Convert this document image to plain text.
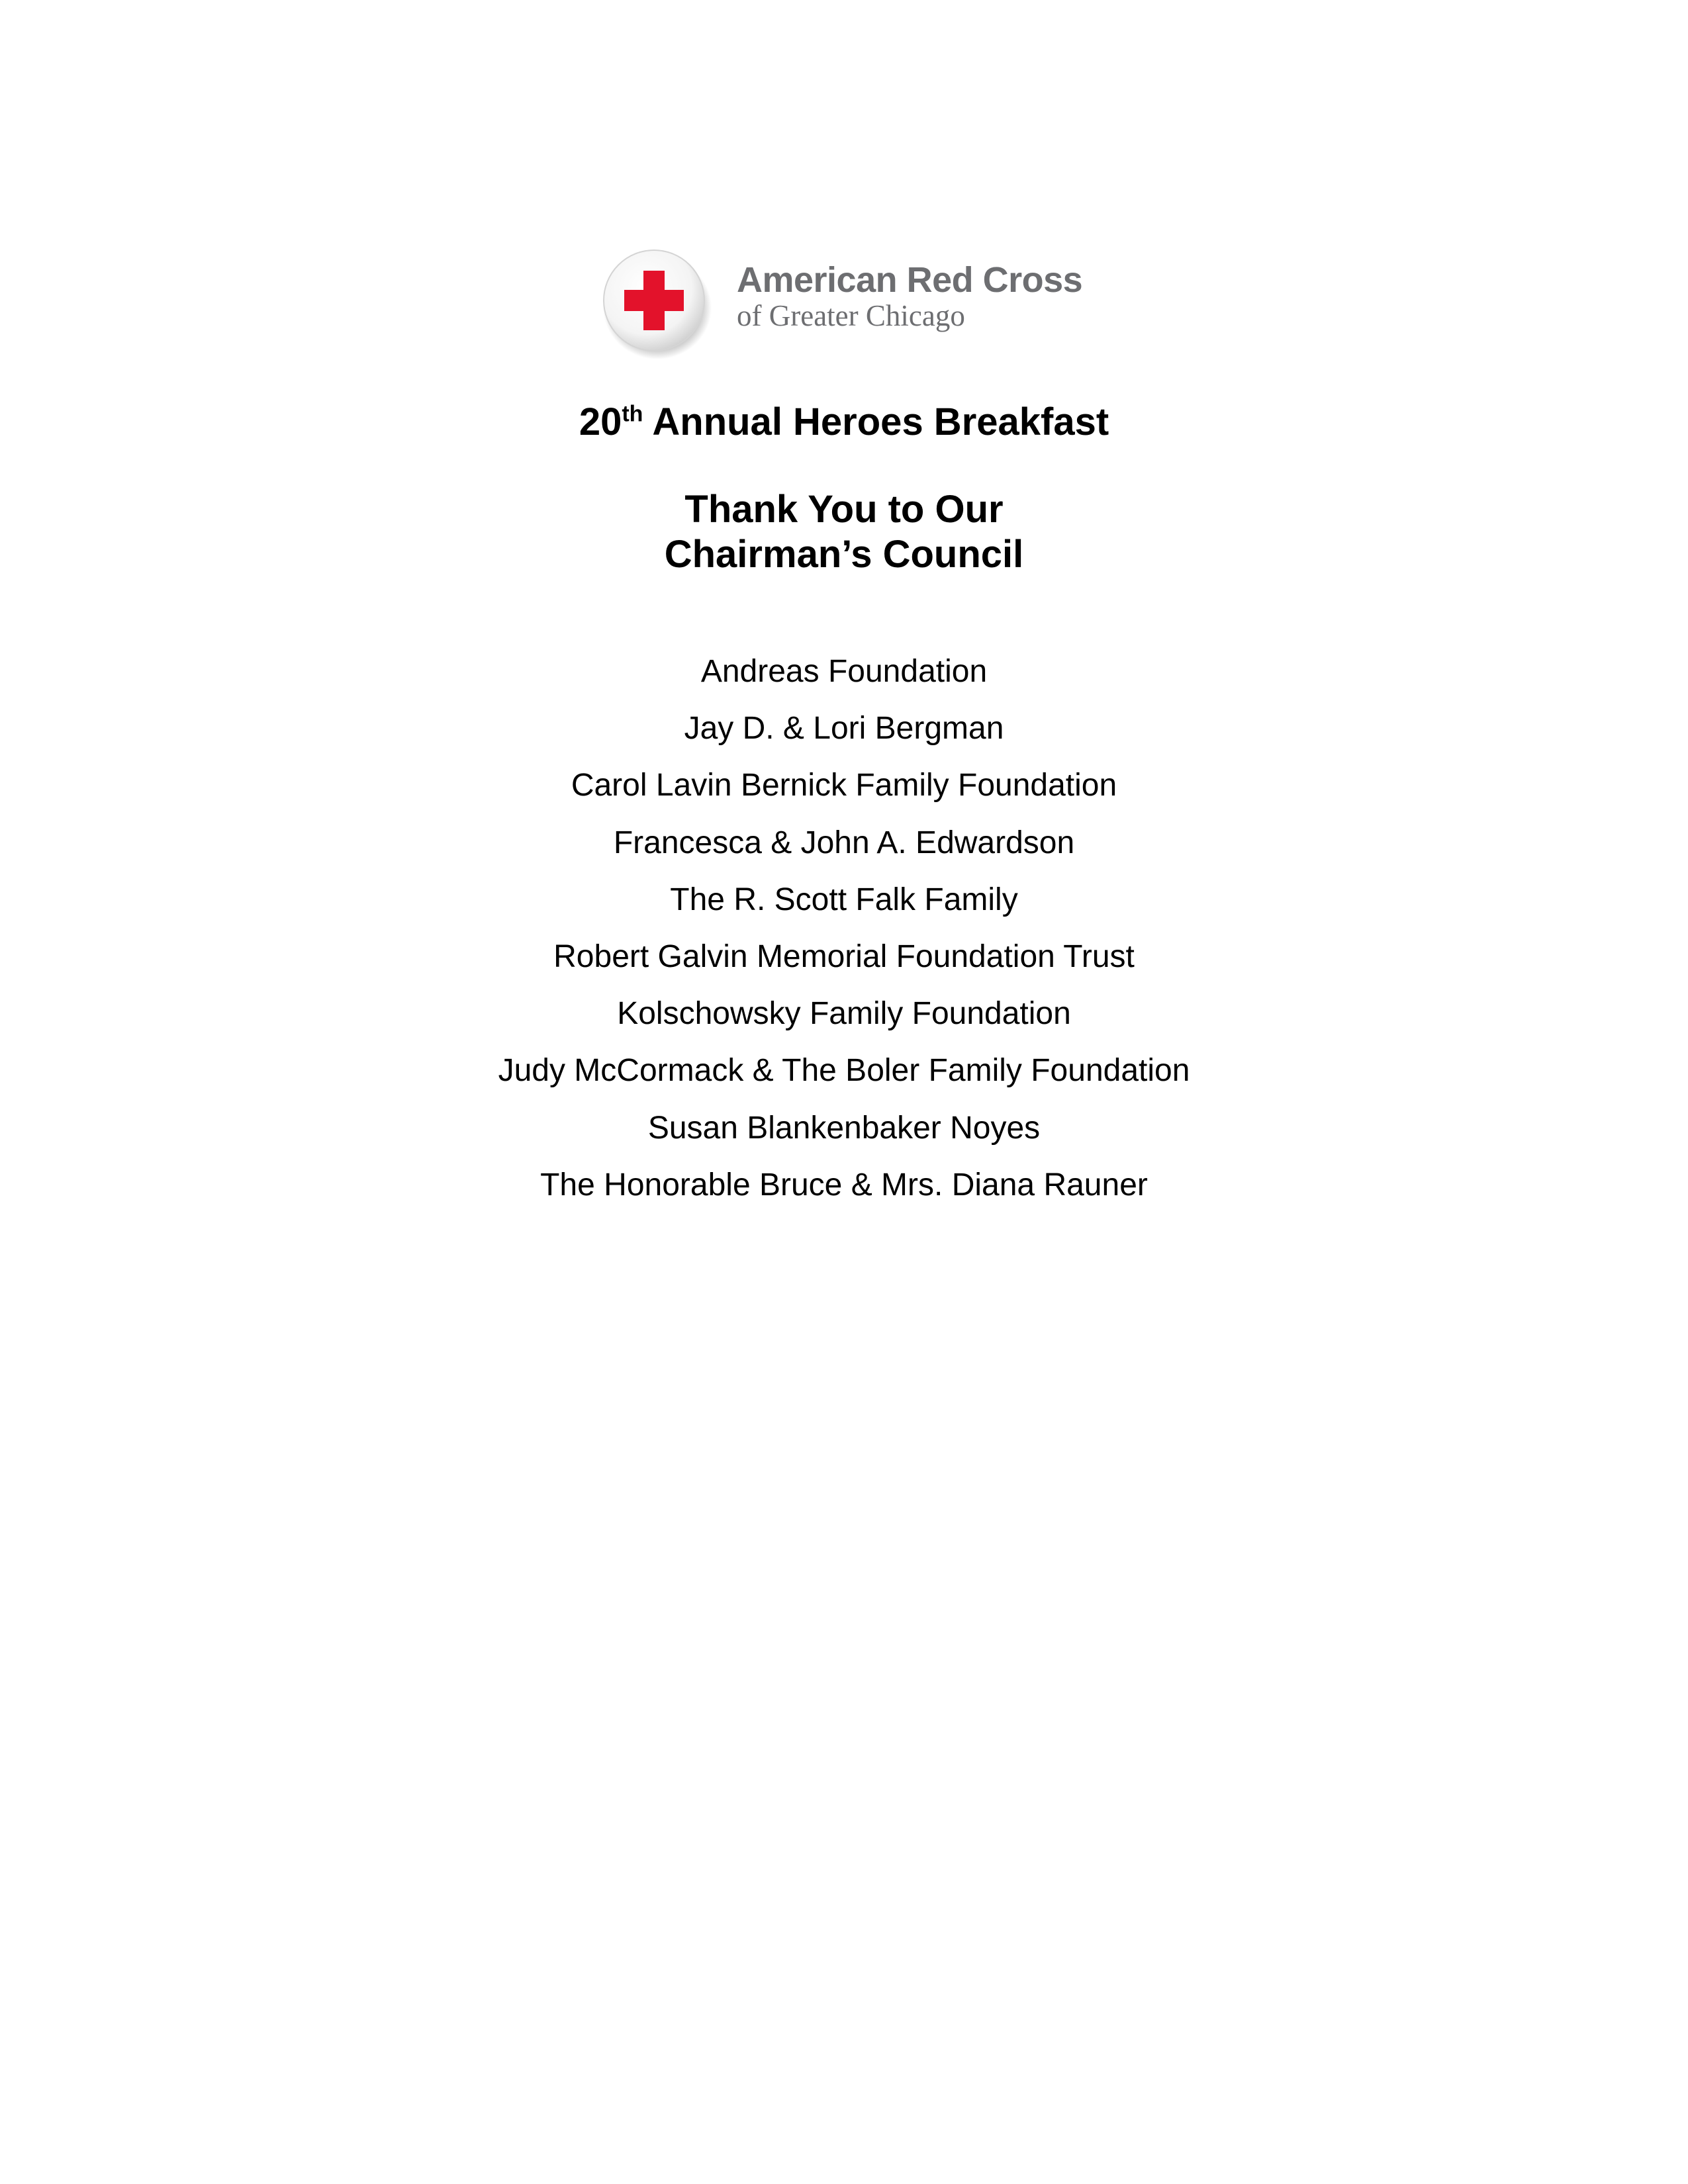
American Red Cross
of Greater Chicago
20th Annual Heroes Breakfast
Thank You to Our
Chairman’s Council
Andreas Foundation
Jay D. & Lori Bergman
Carol Lavin Bernick Family Foundation
Francesca & John A. Edwardson
The R. Scott Falk Family
Robert Galvin Memorial Foundation Trust
Kolschowsky Family Foundation
Judy McCormack & The Boler Family Foundation
Susan Blankenbaker Noyes
The Honorable Bruce & Mrs. Diana Rauner
